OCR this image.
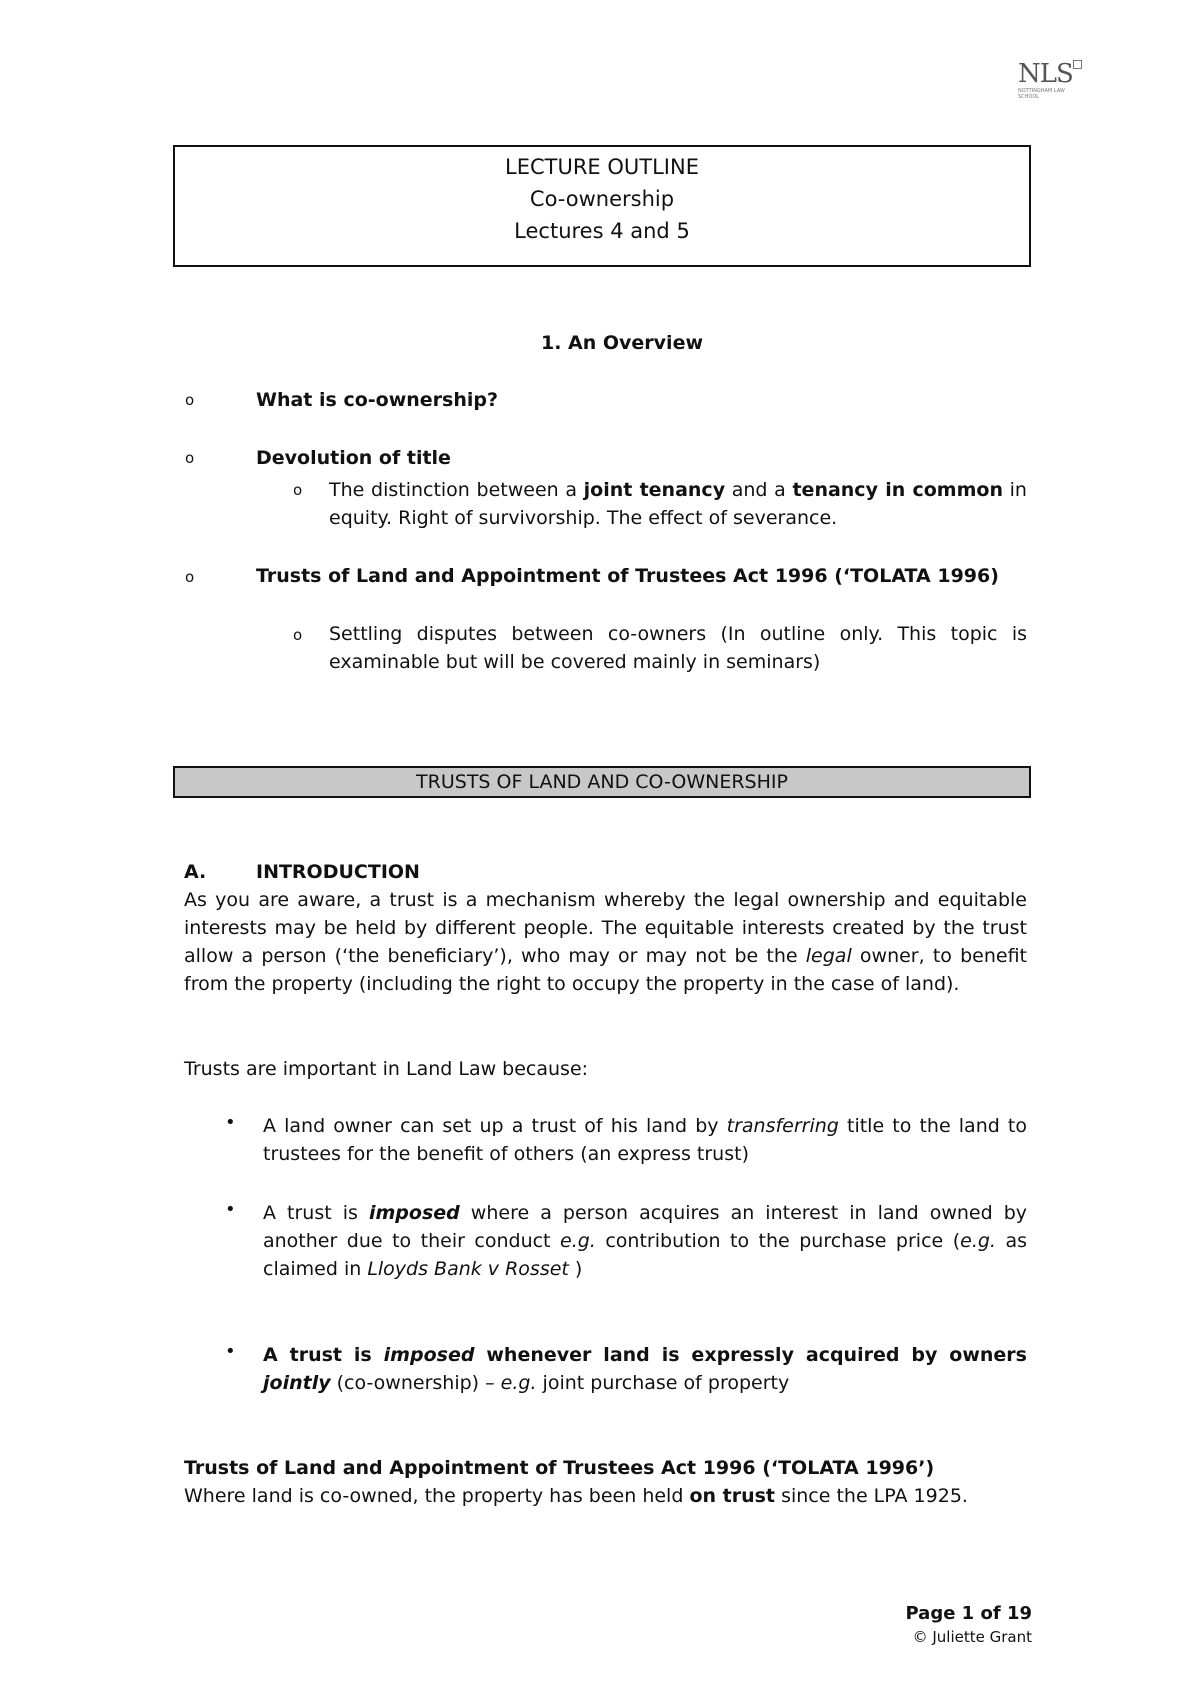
NLS
NOTTINGHAM LAW SCHOOL
LECTURE OUTLINE
Co-ownership
Lectures 4 and 5
1. An Overview
o	What is co-ownership?
o	Devolution of title
o The distinction between a joint tenancy and a tenancy in common in equity. Right of survivorship. The effect of severance.
o	Trusts of Land and Appointment of Trustees Act 1996 (‘TOLATA 1996)
o Settling disputes between co-owners (In outline only. This topic is examinable but will be covered mainly in seminars)
TRUSTS OF LAND AND CO-OWNERSHIP
A.	INTRODUCTION
As you are aware, a trust is a mechanism whereby the legal ownership and equitable interests may be held by different people. The equitable interests created by the trust allow a person (‘the beneficiary’), who may or may not be the legal owner, to benefit from the property (including the right to occupy the property in the case of land).
Trusts are important in Land Law because:
• A land owner can set up a trust of his land by transferring title to the land to trustees for the benefit of others (an express trust)
• A trust is imposed where a person acquires an interest in land owned by another due to their conduct e.g. contribution to the purchase price (e.g. as claimed in Lloyds Bank v Rosset )
• A trust is imposed whenever land is expressly acquired by owners jointly (co-ownership) – e.g. joint purchase of property
Trusts of Land and Appointment of Trustees Act 1996 (‘TOLATA 1996’)
Where land is co-owned, the property has been held on trust since the LPA 1925.
Page 1 of 19
© Juliette Grant
